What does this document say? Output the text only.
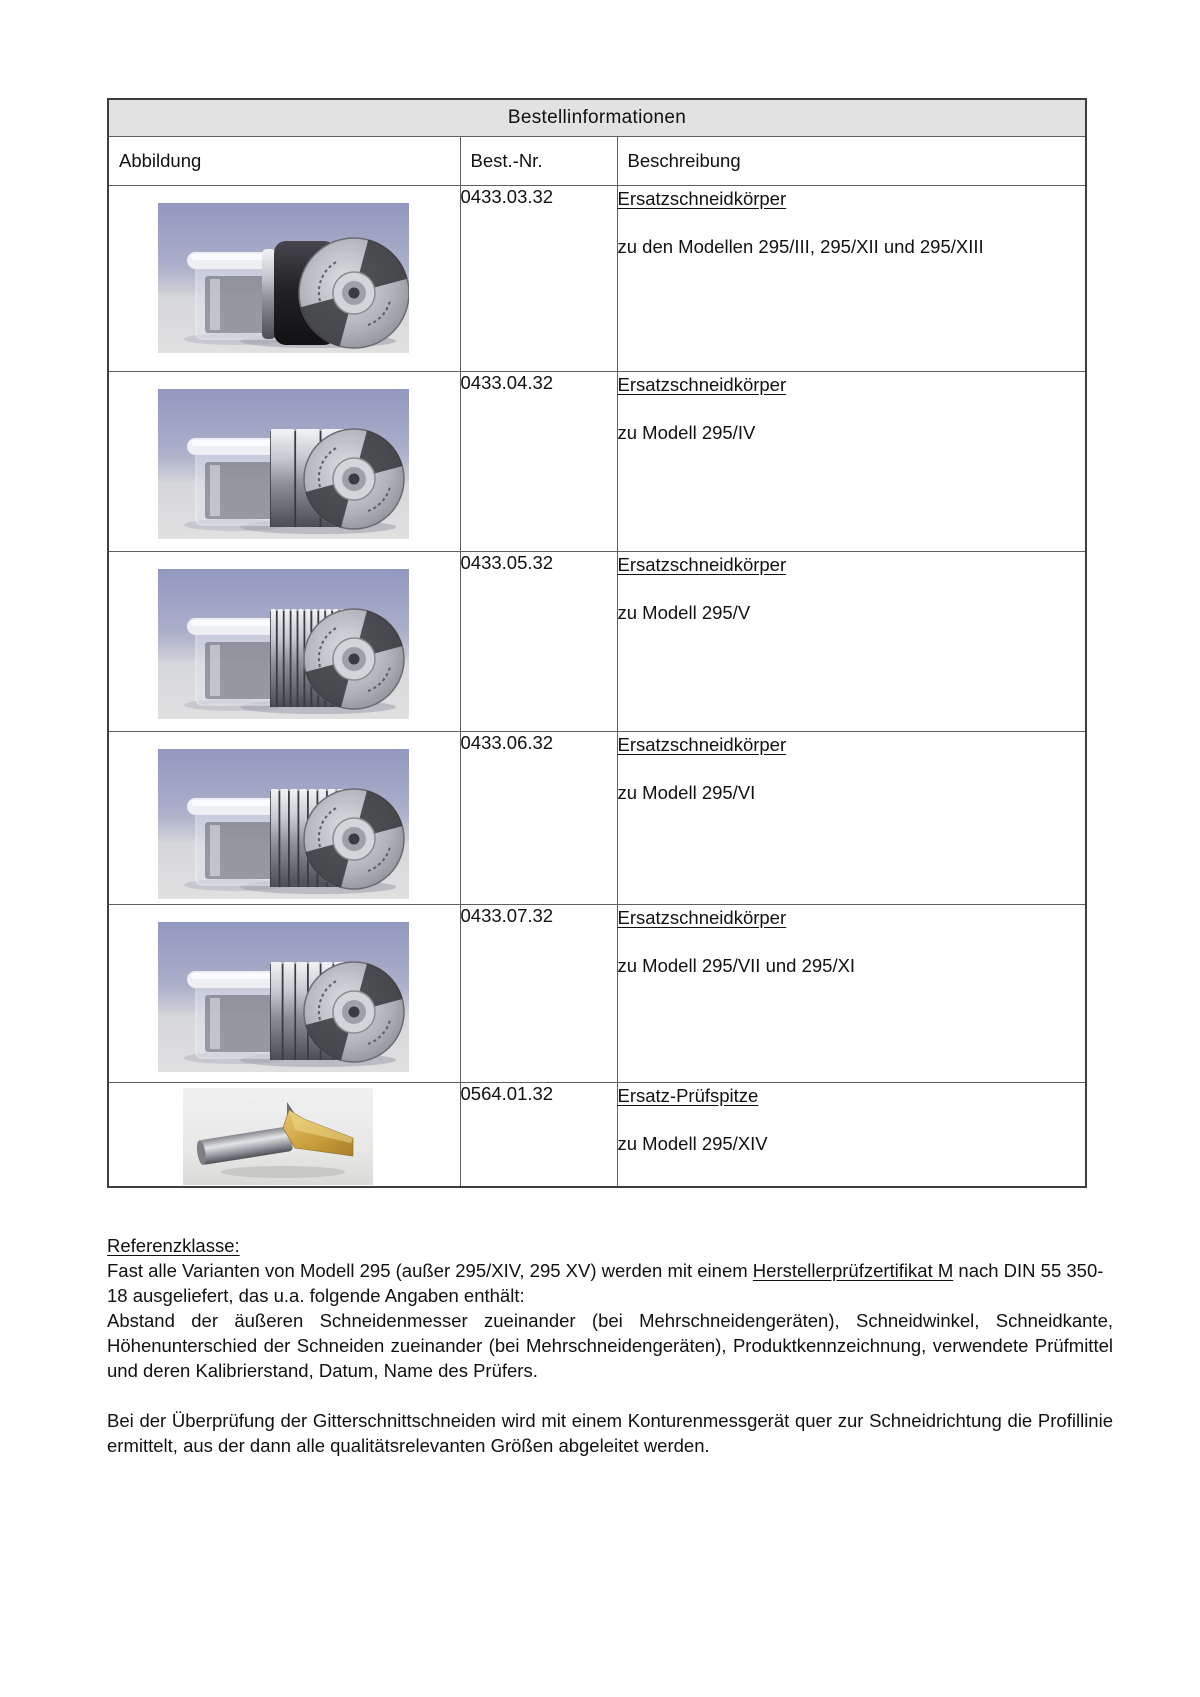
Bestellinformationen		
Abbildung	Best.-Nr.	Beschreibung

	0433.03.32	Ersatzschneidkörper
zu den Modellen 295/III, 295/XII und 295/XIII

	0433.04.32	Ersatzschneidkörper
zu Modell 295/IV

	0433.05.32	Ersatzschneidkörper
zu Modell 295/V

	0433.06.32	Ersatzschneidkörper
zu Modell 295/VI

	0433.07.32	Ersatzschneidkörper
zu Modell 295/VII und 295/XI

	0564.01.32	Ersatz-Prüfspitze
zu Modell 295/XIV
Referenzklasse:

Fast alle Varianten von Modell 295 (außer 295/XIV, 295 XV) werden mit einem Herstellerprüfzertifikat M nach DIN 55 350-18 ausgeliefert, das u.a. folgende Angaben enthält:

Abstand der äußeren Schneidenmesser zueinander (bei Mehrschneidengeräten), Schneidwinkel, Schneidkante, Höhenunterschied der Schneiden zueinander (bei Mehrschneidengeräten), Produktkennzeichnung, verwendete Prüfmittel und deren Kalibrierstand, Datum, Name des Prüfers.

Bei der Überprüfung der Gitterschnittschneiden wird mit einem Konturenmessgerät quer zur Schneidrichtung die Profillinie ermittelt, aus der dann alle qualitätsrelevanten Größen abgeleitet werden.
